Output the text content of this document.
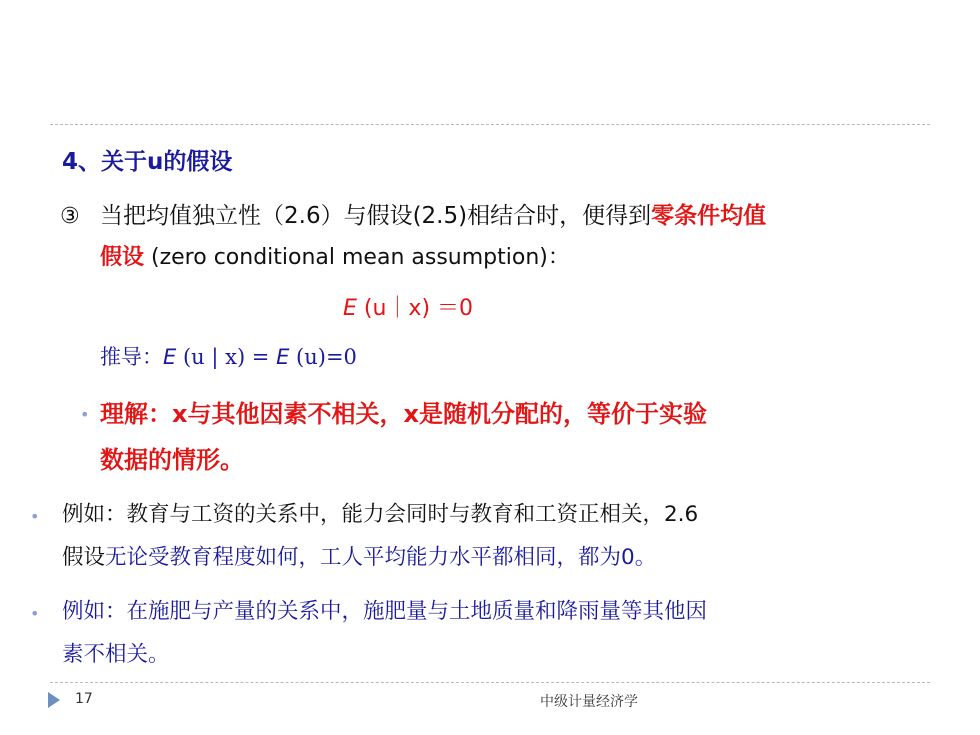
4、关于u的假设
③ 当把均值独立性（2.6）与假设(2.5)相结合时，便得到零条件均值
假设 (zero conditional mean assumption)：
E (u｜x) ＝0
推导：E (u | x) = E (u)=0
• 理解：x与其他因素不相关，x是随机分配的，等价于实验
数据的情形。
• 例如：教育与工资的关系中，能力会同时与教育和工资正相关，2.6
假设无论受教育程度如何，工人平均能力水平都相同，都为0。
• 例如：在施肥与产量的关系中，施肥量与土地质量和降雨量等其他因
素不相关。
17	中级计量经济学
